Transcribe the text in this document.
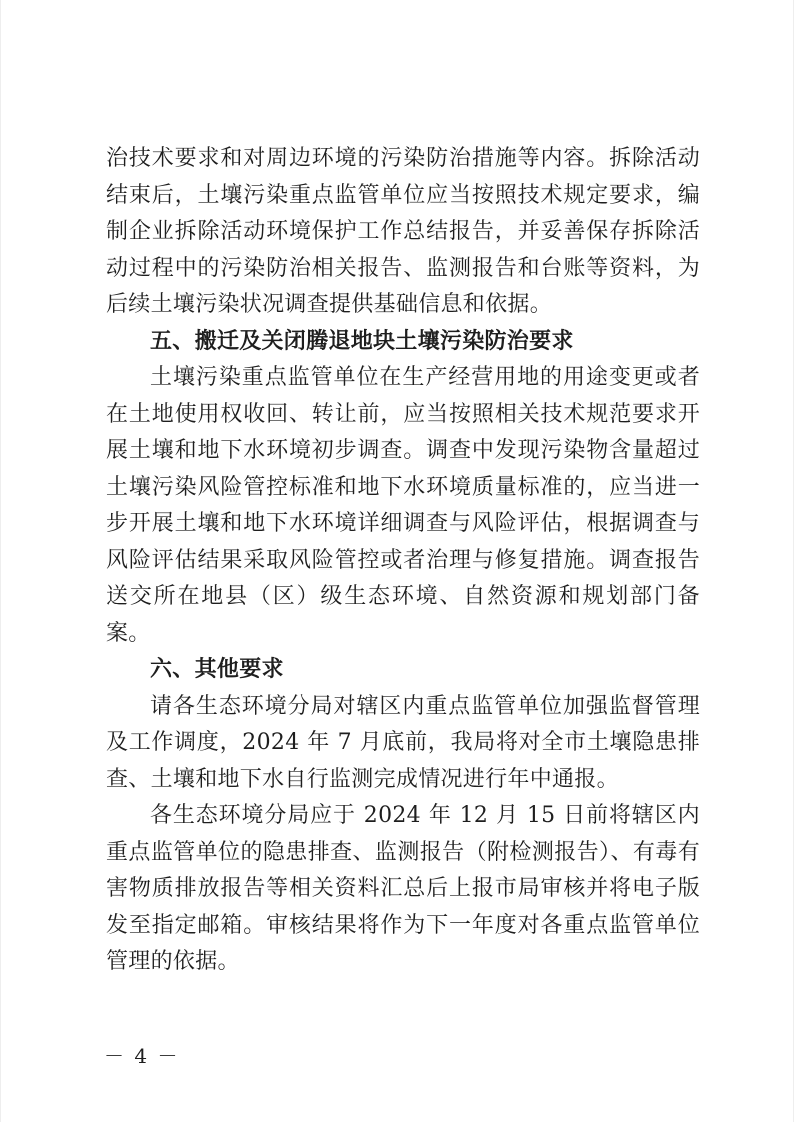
治技术要求和对周边环境的污染防治措施等内容。拆除活动结束后，土壤污染重点监管单位应当按照技术规定要求，编制企业拆除活动环境保护工作总结报告，并妥善保存拆除活动过程中的污染防治相关报告、监测报告和台账等资料，为后续土壤污染状况调查提供基础信息和依据。

五、搬迁及关闭腾退地块土壤污染防治要求

土壤污染重点监管单位在生产经营用地的用途变更或者在土地使用权收回、转让前，应当按照相关技术规范要求开展土壤和地下水环境初步调查。调查中发现污染物含量超过土壤污染风险管控标准和地下水环境质量标准的，应当进一步开展土壤和地下水环境详细调查与风险评估，根据调查与风险评估结果采取风险管控或者治理与修复措施。调查报告送交所在地县（区）级生态环境、自然资源和规划部门备案。

六、其他要求

请各生态环境分局对辖区内重点监管单位加强监督管理及工作调度，2024 年 7 月底前，我局将对全市土壤隐患排查、土壤和地下水自行监测完成情况进行年中通报。

各生态环境分局应于 2024 年 12 月 15 日前将辖区内重点监管单位的隐患排查、监测报告（附检测报告）、有毒有害物质排放报告等相关资料汇总后上报市局审核并将电子版发至指定邮箱。审核结果将作为下一年度对各重点监管单位管理的依据。

－ 4 －
